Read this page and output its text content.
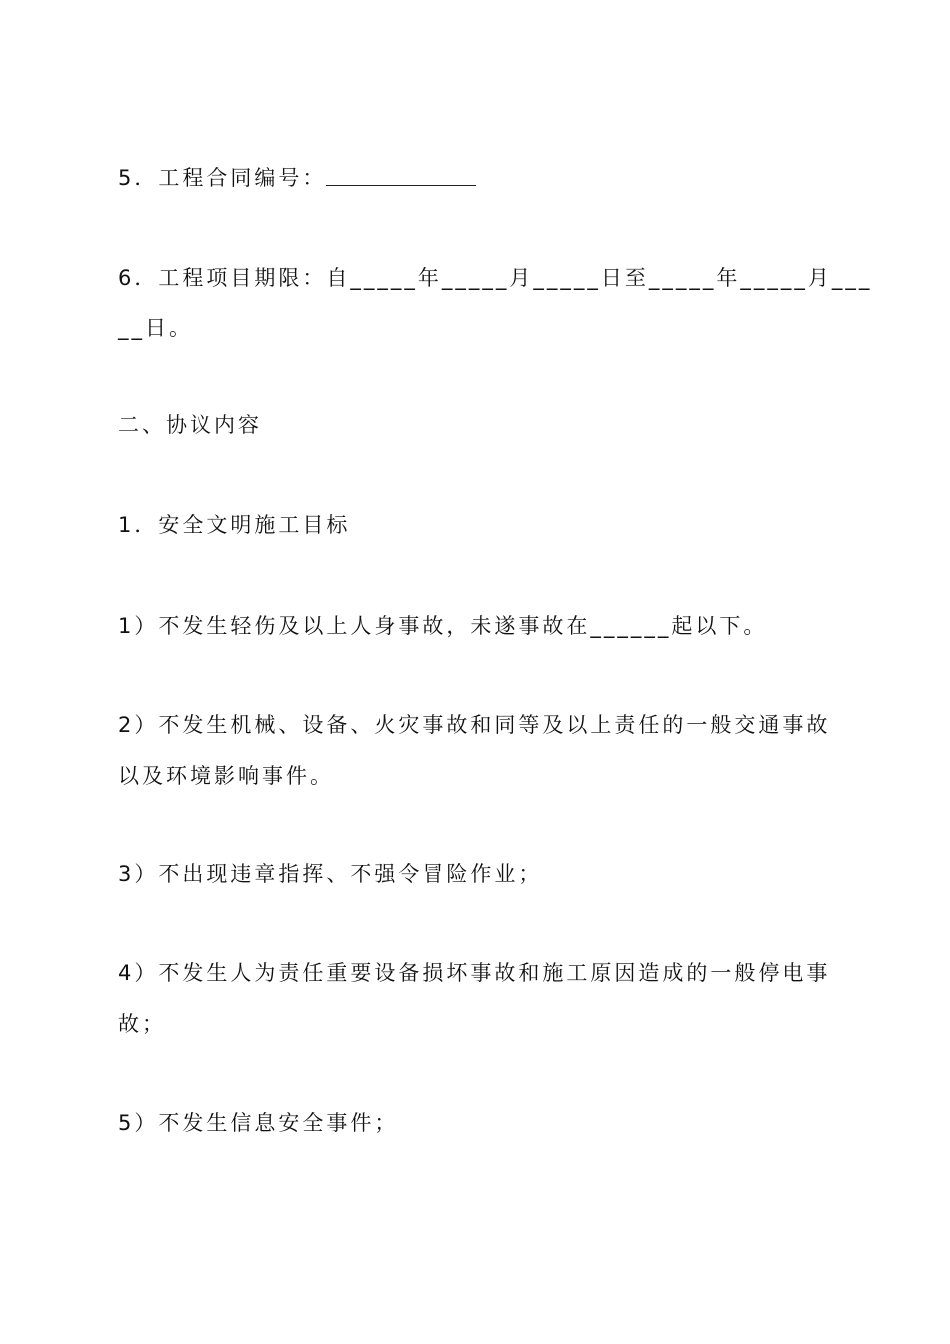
5．工程合同编号：
6．工程项目期限：自_____年_____月_____日至_____年_____月___
__日。
二、协议内容
1．安全文明施工目标
1）不发生轻伤及以上人身事故，未遂事故在______起以下。
2）不发生机械、设备、火灾事故和同等及以上责任的一般交通事故
以及环境影响事件。
3）不出现违章指挥、不强令冒险作业；
4）不发生人为责任重要设备损坏事故和施工原因造成的一般停电事
故；
5）不发生信息安全事件；
